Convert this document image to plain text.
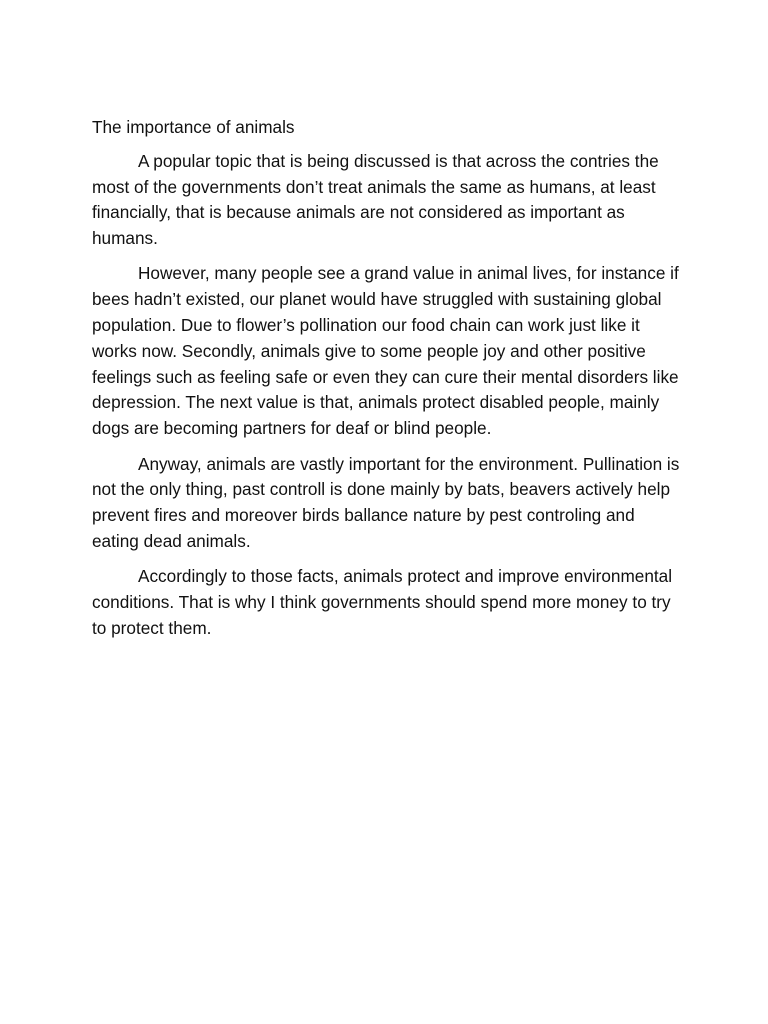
The importance of animals

A popular topic that is being discussed is that across the contries the most of the governments don’t treat animals the same as humans, at least financially, that is because animals are not considered as important as humans.

However, many people see a grand value in animal lives, for instance if bees hadn’t existed, our planet would have struggled with sustaining global population. Due to flower’s pollination our food chain can work just like it works now. Secondly, animals give to some people joy and other positive feelings such as feeling safe or even they can cure their mental disorders like depression. The next value is that, animals protect disabled people, mainly dogs are becoming partners for deaf or blind people.

Anyway, animals are vastly important for the environment. Pullination is not the only thing, past controll is done mainly by bats, beavers actively help prevent fires and moreover birds ballance nature by pest controling and eating dead animals.

Accordingly to those facts, animals protect and improve environmental conditions. That is why I think governments should spend more money to try to protect them.
